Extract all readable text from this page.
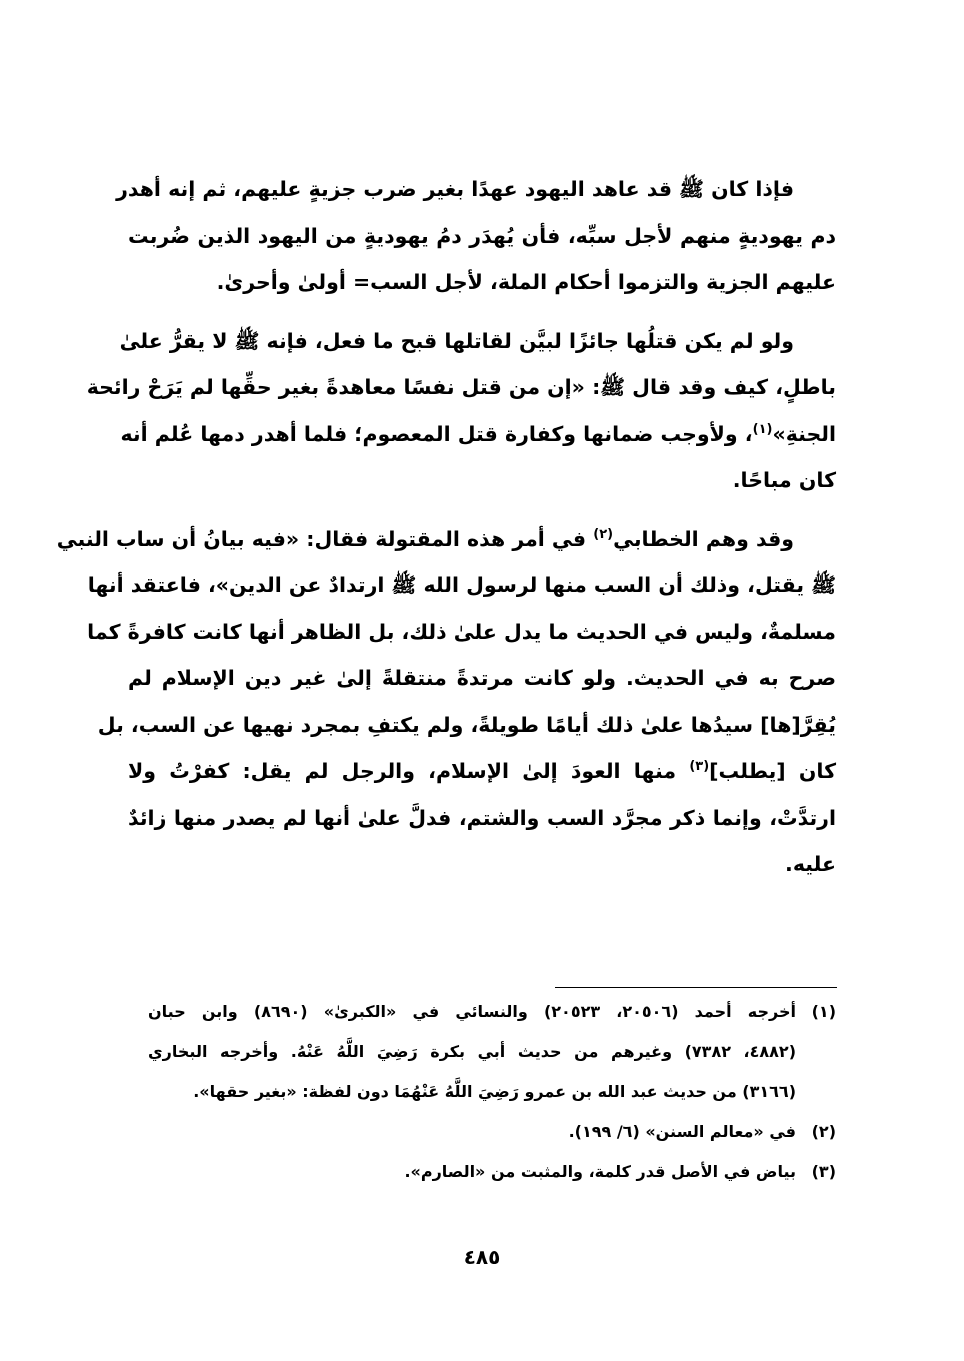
فإذا كان ﷺ قد عاهد اليهود عهدًا بغير ضرب جزيةٍ عليهم، ثم إنه أهدر
دم يهوديةٍ منهم لأجل سبِّه، فأن يُهدَر دمُ يهوديةٍ من اليهود الذين ضُربت
عليهم الجزية والتزموا أحكام الملة، لأجل السب= أولىٰ وأحرىٰ.
ولو لم يكن قتلُها جائزًا لبيَّن لقاتلها قبح ما فعل، فإنه ﷺ لا يقرُّ علىٰ
باطلٍ، كيف وقد قال ﷺ: «إن من قتل نفسًا معاهدةً بغير حقِّها لم يَرَحْ رائحة
الجنةِ»$^{(١)}$، ولأوجب ضمانها وكفارة قتل المعصوم؛ فلما أهدر دمها عُلم أنه
كان مباحًا.
وقد وهم الخطابي$^{(٢)}$ في أمر هذه المقتولة فقال: «فيه بيانُ أن ساب النبي
ﷺ يقتل، وذلك أن السب منها لرسول الله ﷺ ارتدادٌ عن الدين»، فاعتقد أنها
مسلمةٌ، وليس في الحديث ما يدل علىٰ ذلك، بل الظاهر أنها كانت كافرةً كما
صرح به في الحديث. ولو كانت مرتدةً منتقلةً إلىٰ غير دين الإسلام لم
يُقِرَّ[ها] سيدُها علىٰ ذلك أيامًا طويلةً، ولم يكتفِ بمجرد نهيها عن السب، بل
كان [يطلب]$^{(٣)}$ منها العودَ إلىٰ الإسلام، والرجل لم يقل: كفرْتُ ولا
ارتدَّتْ، وإنما ذكر مجرَّد السب والشتم، فدلَّ علىٰ أنها لم يصدر منها زائدٌ
عليه.
(١)
أخرجه أحمد (٢٠٥٠٦، ٢٠٥٢٣) والنسائي في «الكبرىٰ» (٨٦٩٠) وابن حبان
(٤٨٨٢، ٧٣٨٢) وغيرهم من حديث أبي بكرة رَضِيَ اللَّهُ عَنْهُ. وأخرجه البخاري
(٣١٦٦) من حديث عبد الله بن عمرو رَضِيَ اللَّهُ عَنْهُمَا دون لفظة: «بغير حقها».
(٢)
في «معالم السنن» (٦/ ١٩٩).
(٣)
بياض في الأصل قدر كلمة، والمثبت من «الصارم».
٤٨٥
